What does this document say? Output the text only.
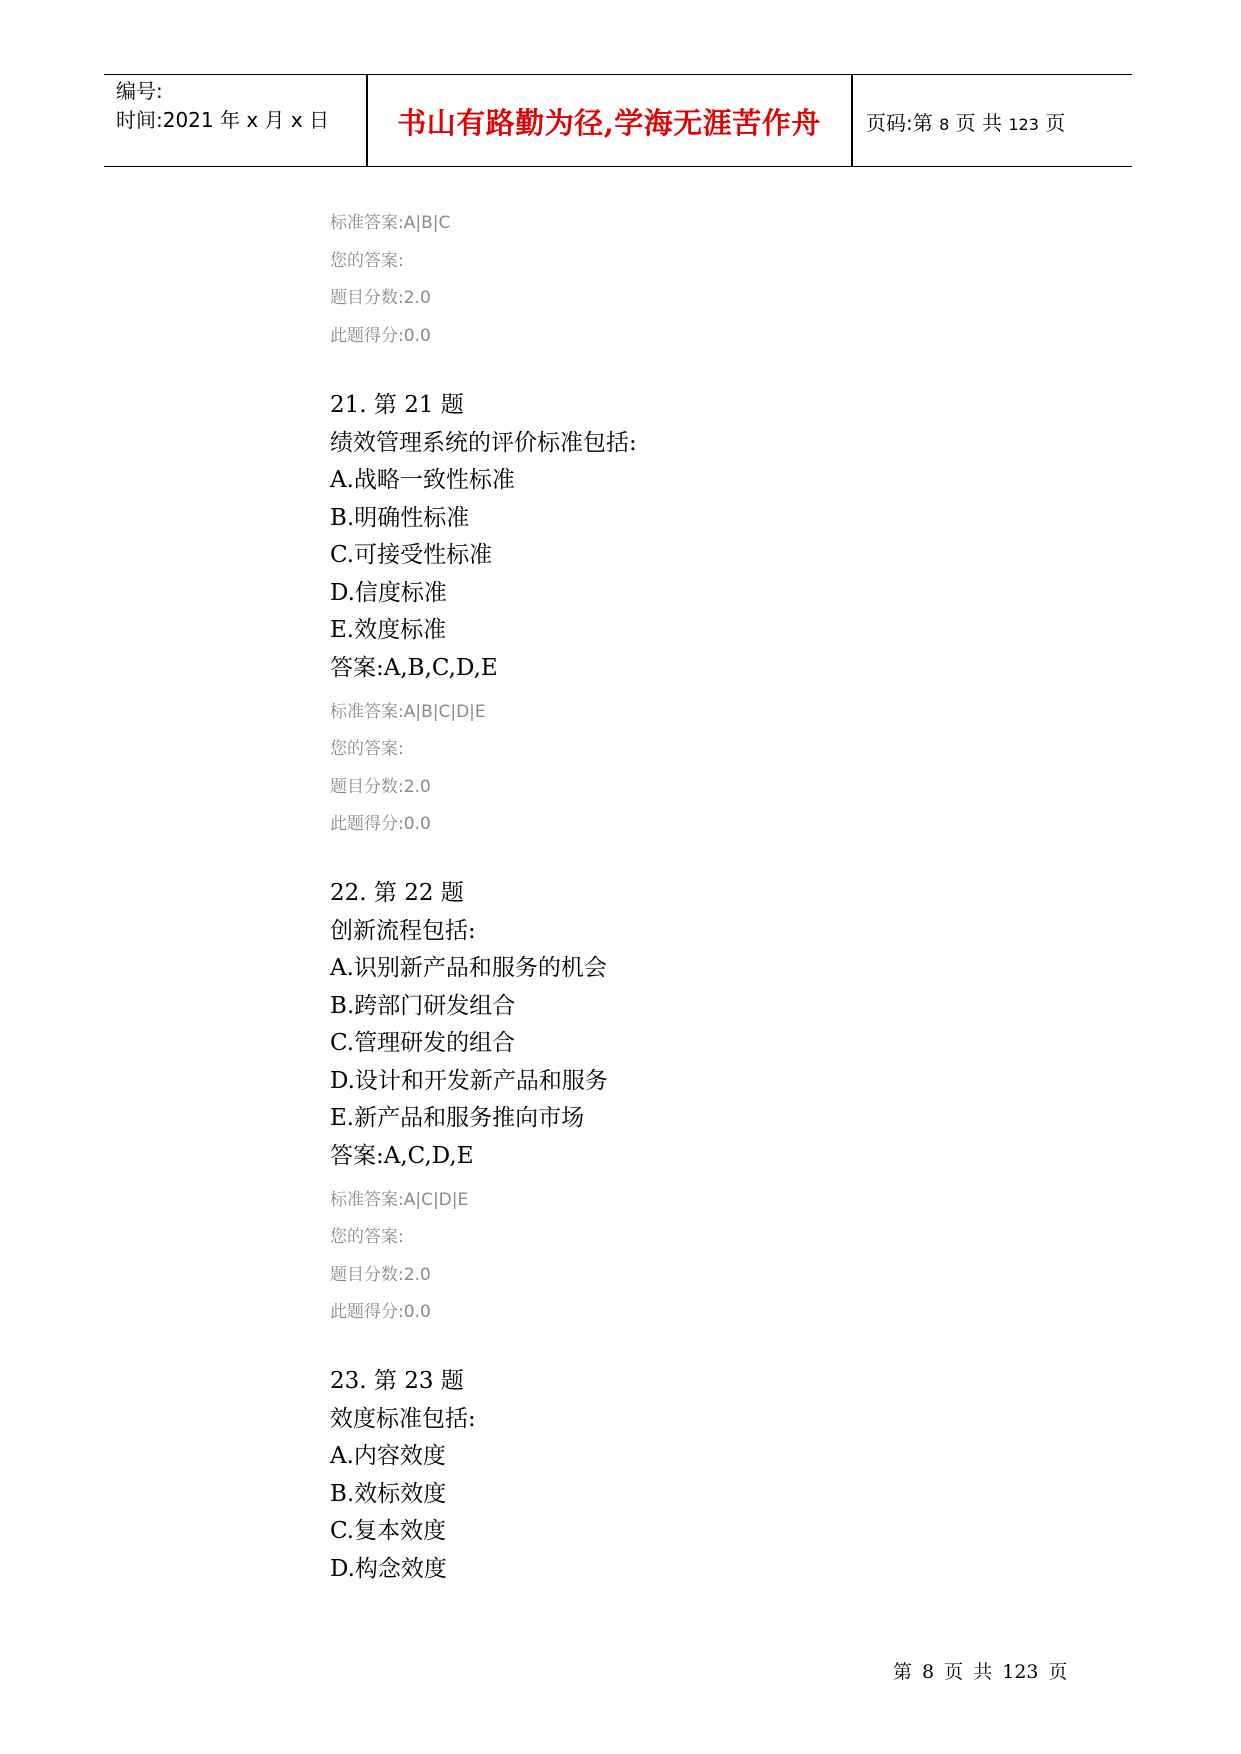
编号:
时间:2021 年 x 月 x 日	书山有路勤为径,学海无涯苦作舟	页码:第 8 页 共 123 页
标准答案:A|B|C
您的答案:
题目分数:2.0
此题得分:0.0
21. 第 21 题
绩效管理系统的评价标准包括:
A.战略一致性标准
B.明确性标准
C.可接受性标准
D.信度标准
E.效度标准
答案:A,B,C,D,E
标准答案:A|B|C|D|E
您的答案:
题目分数:2.0
此题得分:0.0
22. 第 22 题
创新流程包括:
A.识别新产品和服务的机会
B.跨部门研发组合
C.管理研发的组合
D.设计和开发新产品和服务
E.新产品和服务推向市场
答案:A,C,D,E
标准答案:A|C|D|E
您的答案:
题目分数:2.0
此题得分:0.0
23. 第 23 题
效度标准包括:
A.内容效度
B.效标效度
C.复本效度
D.构念效度
第 8 页 共 123 页
